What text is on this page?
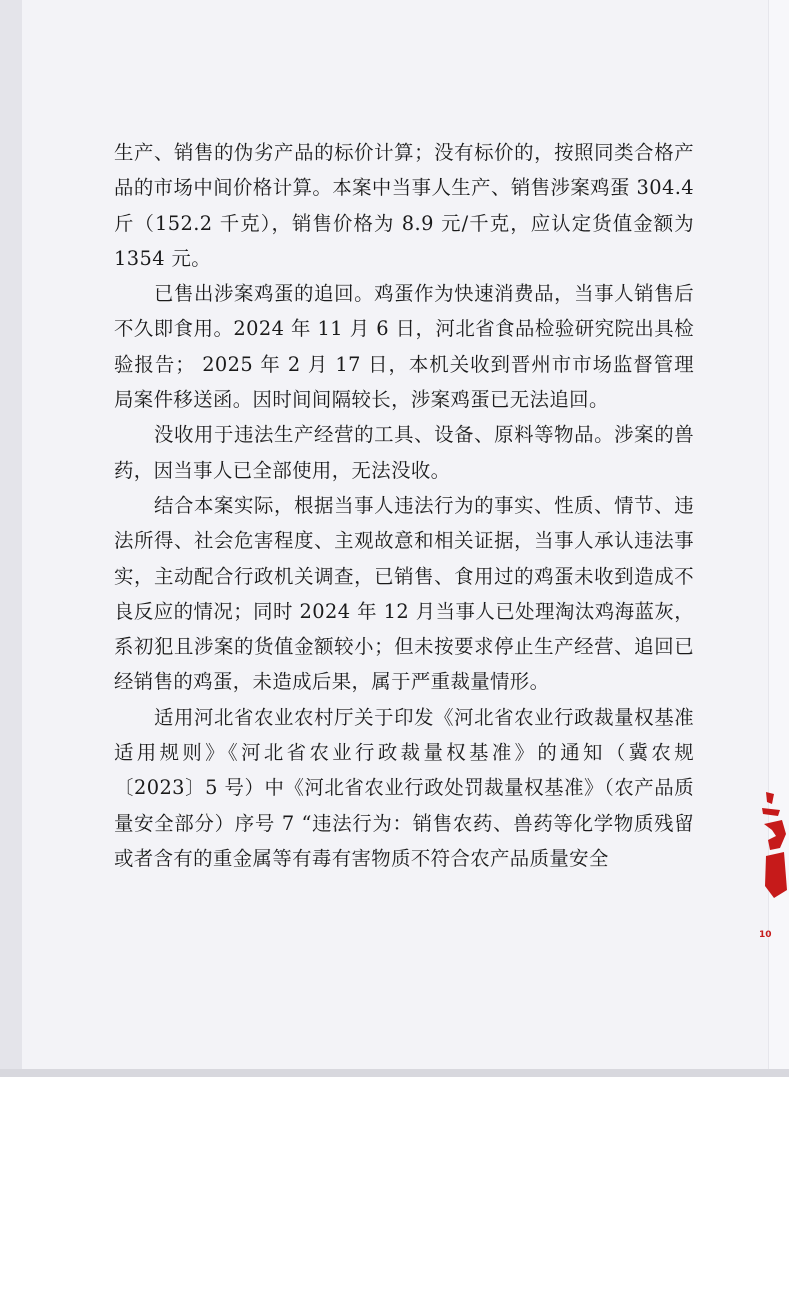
10

生产、销售的伪劣产品的标价计算；没有标价的，按照同类合格产品的市场中间价格计算。本案中当事人生产、销售涉案鸡蛋 304.4 斤（152.2 千克），销售价格为 8.9 元/千克，应认定货值金额为 1354 元。

已售出涉案鸡蛋的追回。鸡蛋作为快速消费品，当事人销售后不久即食用。2024 年 11 月 6 日，河北省食品检验研究院出具检验报告； 2025 年 2 月 17 日，本机关收到晋州市市场监督管理局案件移送函。因时间间隔较长，涉案鸡蛋已无法追回。

没收用于违法生产经营的工具、设备、原料等物品。涉案的兽药，因当事人已全部使用，无法没收。

结合本案实际，根据当事人违法行为的事实、性质、情节、违法所得、社会危害程度、主观故意和相关证据，当事人承认违法事实，主动配合行政机关调查，已销售、食用过的鸡蛋未收到造成不良反应的情况；同时 2024 年 12 月当事人已处理淘汰鸡海蓝灰，系初犯且涉案的货值金额较小；但未按要求停止生产经营、追回已经销售的鸡蛋，未造成后果，属于严重裁量情形。

适用河北省农业农村厅关于印发《河北省农业行政裁量权基准适用规则》《河北省农业行政裁量权基准》的通知（冀农规〔2023〕5 号）中《河北省农业行政处罚裁量权基准》（农产品质量安全部分）序号 7 “违法行为：销售农药、兽药等化学物质残留或者含有的重金属等有毒有害物质不符合农产品质量安全
